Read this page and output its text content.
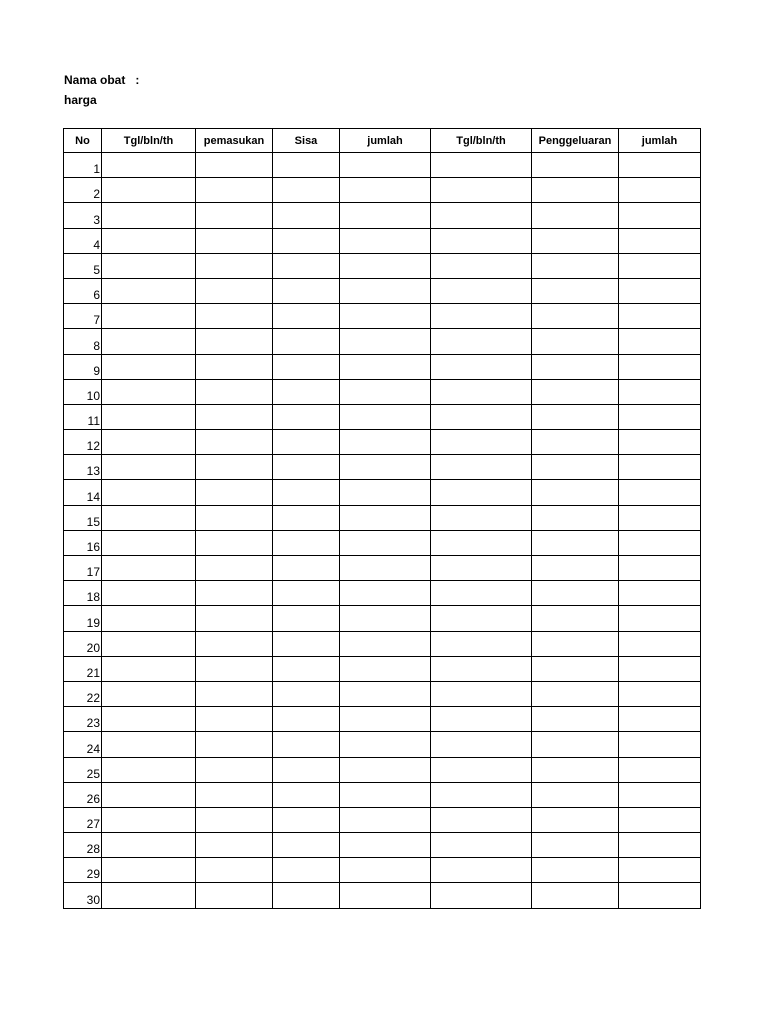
Nama obat :
harga
No	Tgl/bln/th	pemasukan	Sisa	jumlah	Tgl/bln/th	Penggeluaran	jumlah
1							
2							
3							
4							
5							
6							
7							
8							
9							
10							
11							
12							
13							
14							
15							
16							
17							
18							
19							
20							
21							
22							
23							
24							
25							
26							
27							
28							
29							
30							
